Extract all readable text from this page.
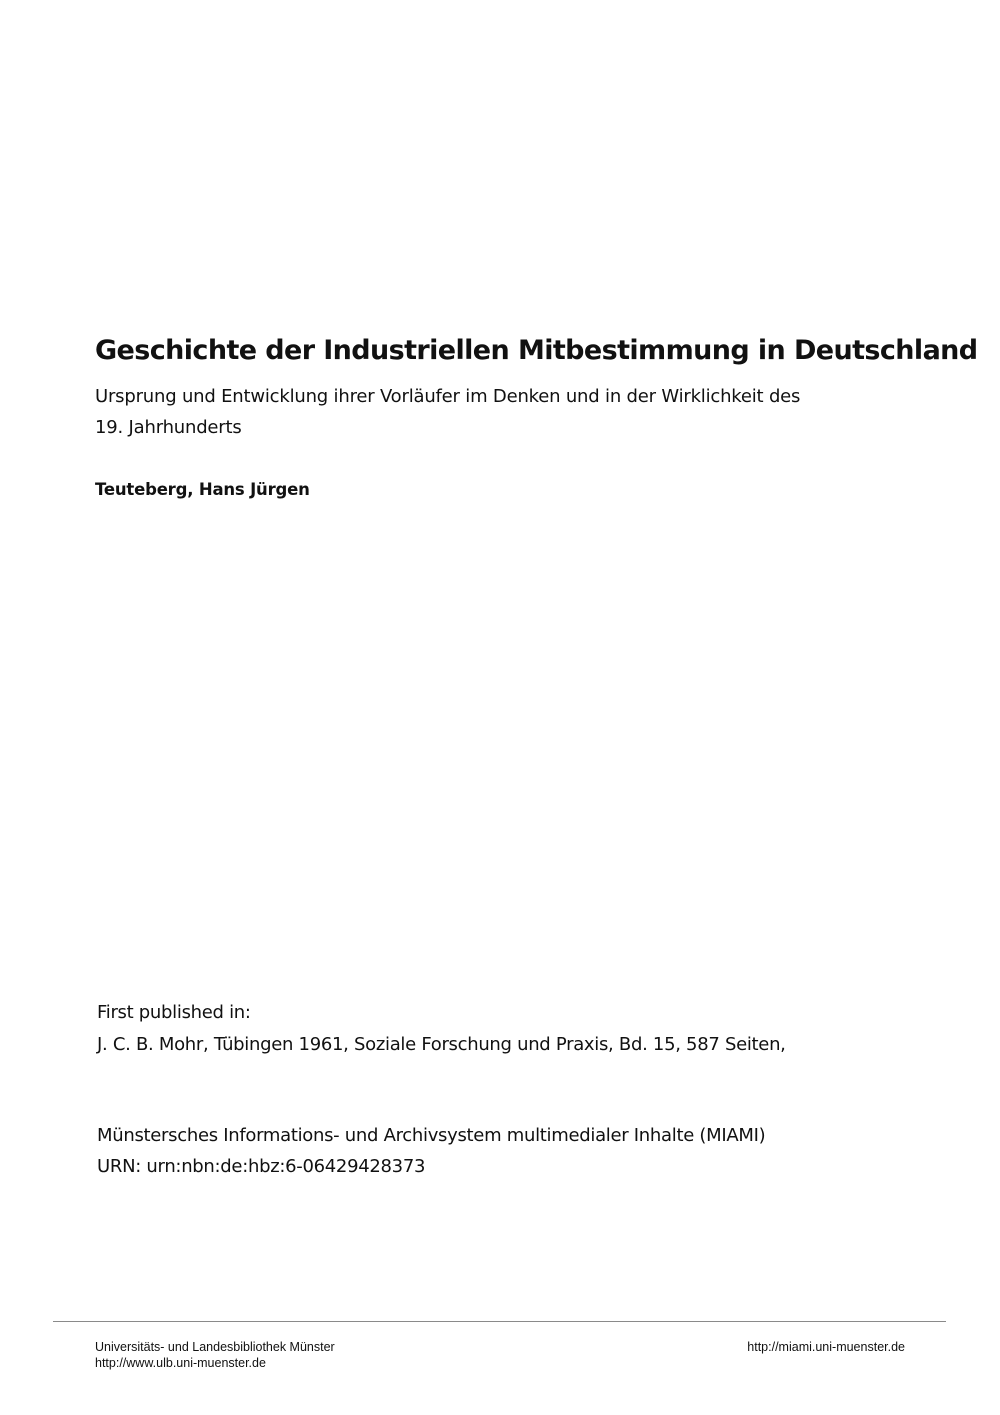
Geschichte der Industriellen Mitbestimmung in Deutschland

Ursprung und Entwicklung ihrer Vorläufer im Denken und in der Wirklichkeit des 19. Jahrhunderts

Teuteberg, Hans Jürgen

First published in:
J. C. B. Mohr, Tübingen 1961, Soziale Forschung und Praxis, Bd. 15, 587 Seiten,
Münstersches Informations- und Archivsystem multimedialer Inhalte (MIAMI)
URN: urn:nbn:de:hbz:6-06429428373
Universitäts- und Landesbibliothek Münster
http://www.ulb.uni-muenster.de
http://miami.uni-muenster.de
